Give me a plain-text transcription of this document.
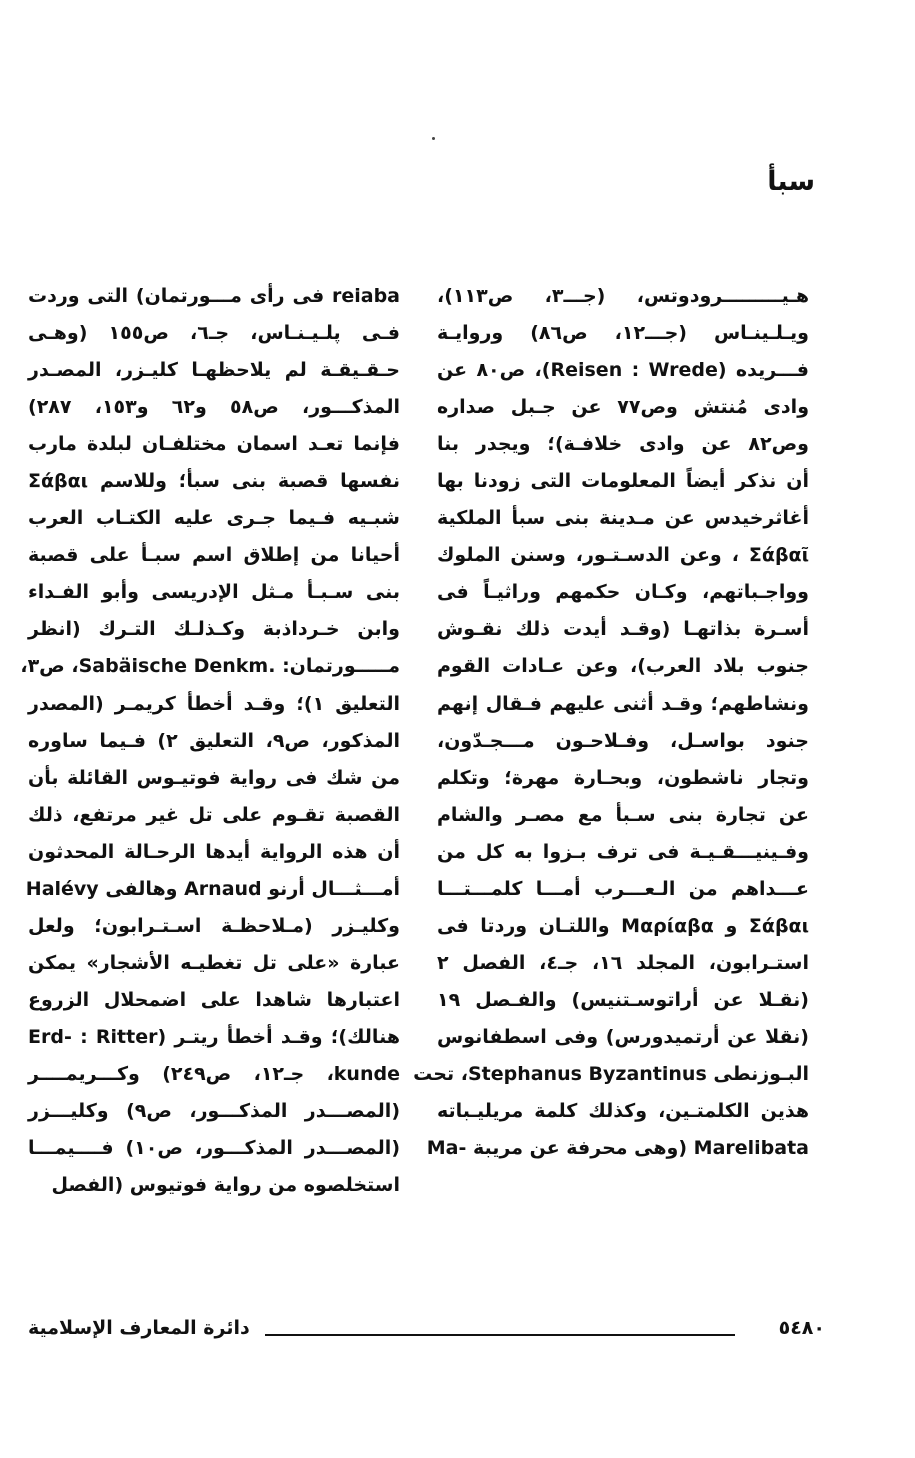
سبأ
هـيـــــــــرودوتس، (جـــ٣، ص١١٣)،
ويـلـينـاس (جـــ١٢، ص٨٦) وروايـة
فـــريده (Reisen : Wrede)، ص٨٠ عن
وادى مُنتش وص٧٧ عن جـبل صداره
وص٨٢ عن وادى خلافـة)؛ ويجدر بنا
أن نذكر أيضاً المعلومات التى زودنا بها
أغاثرخيدس عن مـدينة بنى سبأ الملكية
Σάβαῖ ، وعن الدسـتـور، وسنن الملوك
وواجـباتهم، وكـان حكمهم وراثيـاً فى
أسـرة بذاتهـا (وقـد أيدت ذلك نقـوش
جنوب بلاد العرب)، وعن عـادات القوم
ونشاطهم؛ وقـد أثنى عليهم فـقال إنهم
جنود بواسـل، وفـلاحـون مـــجـدّون،
وتجار ناشطون، وبحـارة مهرة؛ وتكلم
عن تجارة بنى سـبأ مع مصـر والشام
وفـينيـــقـيـة فى ترف بـزوا به كل من
عـــداهم من الـعـــرب أمـــا كلمـــتـــا
Σάβαι و Μαρίαβα واللتـان وردتا فى
استـرابون، المجلد ١٦، جـ٤، الفصل ٢
(نقـلا عن أراتوسـتنيس) والفـصل ١٩
(نقلا عن أرتميدورس) وفى اسطفانوس
البـوزنطى Stephanus Byzantinus، تحت
هذين الكلمتـين، وكذلك كلمة مريليـباته
Marelibata (وهى محرفة عن مريبة -Ma
reiaba فى رأى مـــورتمان) التى وردت
فـى پلـيـنـاس، جـ٦، ص١٥٥ (وهـى
حـقـيقـة لم يلاحظهـا كليـزر، المصـدر
المذكـــور، ص٥٨ و٦٢ و١٥٣، ٢٨٧)
فإنما تعـد اسمان مختلفـان لبلدة مارب
نفسها قصبة بنى سبأ؛ وللاسم Σάβαι
شبـيه فـيما جـرى عليه الكتـاب العرب
أحيانا من إطلاق اسم سبـأ على قصبة
بنى سـبـأ مـثل الإدريسى وأبو الفـداء
وابن خـرداذبة وكـذلـك التـرك (انظر
مـــــورتمان: .Sabäische Denkm، ص٣،
التعليق ١)؛ وقـد أخطأ كريمـر (المصدر
المذكور، ص٩، التعليق ٢) فـيما ساوره
من شك فى رواية فوتيـوس القائلة بأن
القصبة تقـوم على تل غير مرتفع، ذلك
أن هذه الرواية أيدها الرحـالة المحدثون
أمـــثـــال أرنو Arnaud وهالفى Halévy
وكليـزر (مـلاحظـة اسـتـرابون؛ ولعل
عبارة «على تل تغطيـه الأشجار» يمكن
اعتبارها شاهدا على اضمحلال الزروع
هنالك)؛ وقـد أخطأ ريتـر (Erd- : Ritter
kunde، جـ١٢، ص٢٤٩) وكـــريمــــر
(المصـــدر المذكـــور، ص٩) وكليـــزر
(المصـــدر المذكـــور، ص١٠) فــــيمـــا
استخلصوه من رواية فوتيوس (الفصل
دائرة المعارف الإسلامية	٥٤٨٠
